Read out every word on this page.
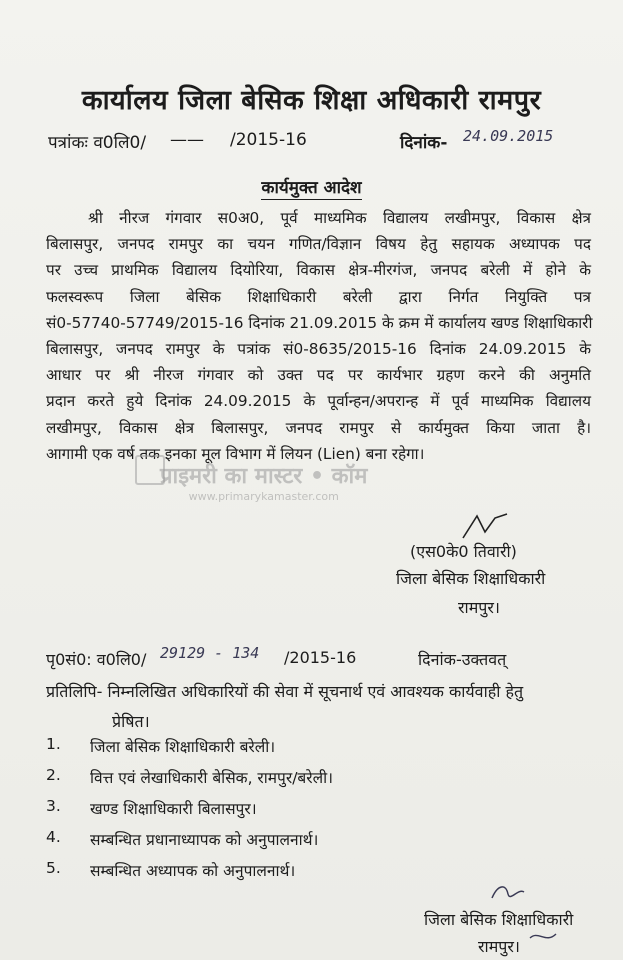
कार्यालय जिला बेसिक शिक्षा अधिकारी रामपुर
पत्रांकः व0लि0/ —— /2015-16	दिनांक- 24.09.2015
कार्यमुक्त आदेश
श्री नीरज गंगवार स0अ0, पूर्व माध्यमिक विद्यालय लखीमपुर, विकास क्षेत्र
बिलासपुर, जनपद रामपुर का चयन गणित/विज्ञान विषय हेतु सहायक अध्यापक पद
पर उच्च प्राथमिक विद्यालय दियोरिया, विकास क्षेत्र-मीरगंज, जनपद बरेली में होने के
फलस्वरूप जिला बेसिक शिक्षाधिकारी बरेली द्वारा निर्गत नियुक्ति पत्र
सं0-57740-57749/2015-16 दिनांक 21.09.2015 के क्रम में कार्यालय खण्ड शिक्षाधिकारी
बिलासपुर, जनपद रामपुर के पत्रांक सं0-8635/2015-16 दिनांक 24.09.2015 के
आधार पर श्री नीरज गंगवार को उक्त पद पर कार्यभार ग्रहण करने की अनुमति
प्रदान करते हुये दिनांक 24.09.2015 के पूर्वान्हन/अपरान्ह में पूर्व माध्यमिक विद्यालय
लखीमपुर, विकास क्षेत्र बिलासपुर, जनपद रामपुर से कार्यमुक्त किया जाता है।
आगामी एक वर्ष तक इनका मूल विभाग में लियन (Lien) बना रहेगा।
प्राइमरी का मास्टर • कॉम
www.primarykamaster.com
(एस0के0 तिवारी)
जिला बेसिक शिक्षाधिकारी
रामपुर।
पृ0सं0: व0लि0/ 29129 - 134 /2015-16	दिनांक-उक्तवत्
प्रतिलिपि- निम्नलिखित अधिकारियों की सेवा में सूचनार्थ एवं आवश्यक कार्यवाही हेतु
प्रेषित।
1.	जिला बेसिक शिक्षाधिकारी बरेली।
2.	वित्त एवं लेखाधिकारी बेसिक, रामपुर/बरेली।
3.	खण्ड शिक्षाधिकारी बिलासपुर।
4.	सम्बन्धित प्रधानाध्यापक को अनुपालनार्थ।
5.	सम्बन्धित अध्यापक को अनुपालनार्थ।
जिला बेसिक शिक्षाधिकारी
रामपुर।
